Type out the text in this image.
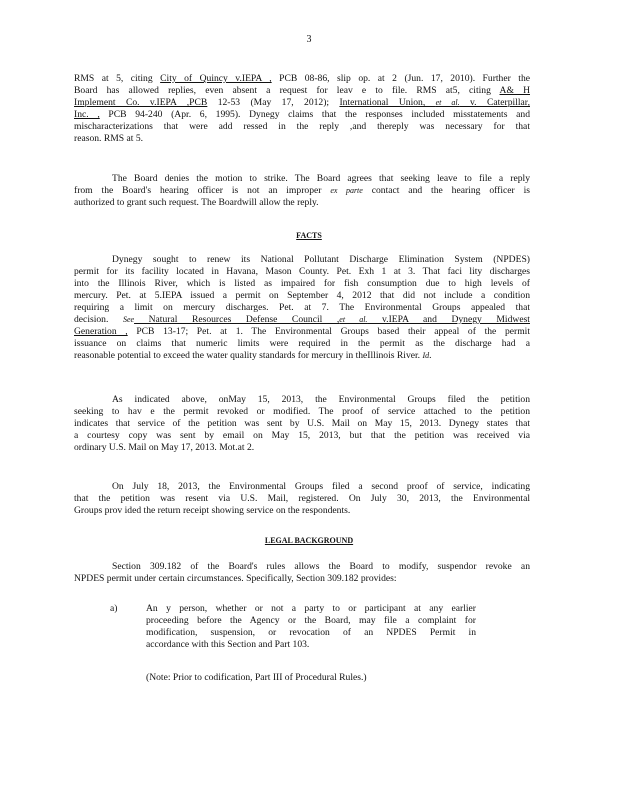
3
RMS at 5, citing City of Quincy v.IEPA , PCB 08-86, slip op. at 2 (Jun. 17, 2010). Further the
Board has allowed replies, even absent a request for leav e to file. RMS at5, citing A& H
Implement Co. v.IEPA ,PCB 12-53 (May 17, 2012); International Union, et al. v. Caterpillar,
Inc. , PCB 94-240 (Apr. 6, 1995). Dynegy claims that the responses included misstatements and
mischaracterizations that were add ressed in the reply ,and thereply was necessary for that
reason. RMS at 5.
The Board denies the motion to strike. The Board agrees that seeking leave to file a reply
from the Board's hearing officer is not an improper ex parte contact and the hearing officer is
authorized to grant such request. The Boardwill allow the reply.
FACTS
Dynegy sought to renew its National Pollutant Discharge Elimination System (NPDES)
permit for its facility located in Havana, Mason County. Pet. Exh 1 at 3. That faci lity discharges
into the Illinois River, which is listed as impaired for fish consumption due to high levels of
mercury. Pet. at 5.IEPA issued a permit on September 4, 2012 that did not include a condition
requiring a limit on mercury discharges. Pet. at 7. The Environmental Groups appealed that
decision. See Natural Resources Defense Council ,et al. v.IEPA and Dynegy Midwest
Generation , PCB 13-17; Pet. at 1. The Environmental Groups based their appeal of the permit
issuance on claims that numeric limits were required in the permit as the discharge had a
reasonable potential to exceed the water quality standards for mercury in theIllinois River. Id.
As indicated above, onMay 15, 2013, the Environmental Groups filed the petition
seeking to hav e the permit revoked or modified. The proof of service attached to the petition
indicates that service of the petition was sent by U.S. Mail on May 15, 2013. Dynegy states that
a courtesy copy was sent by email on May 15, 2013, but that the petition was received via
ordinary U.S. Mail on May 17, 2013. Mot.at 2.
On July 18, 2013, the Environmental Groups filed a second proof of service, indicating
that the petition was resent via U.S. Mail, registered. On July 30, 2013, the Environmental
Groups prov ided the return receipt showing service on the respondents.
LEGAL BACKGROUND
Section 309.182 of the Board's rules allows the Board to modify, suspendor revoke an
NPDES permit under certain circumstances. Specifically, Section 309.182 provides:
a)	An y person, whether or not a party to or participant at any earlier
proceeding before the Agency or the Board, may file a complaint for
modification, suspension, or revocation of an NPDES Permit in
accordance with this Section and Part 103.
(Note: Prior to codification, Part III of Procedural Rules.)
